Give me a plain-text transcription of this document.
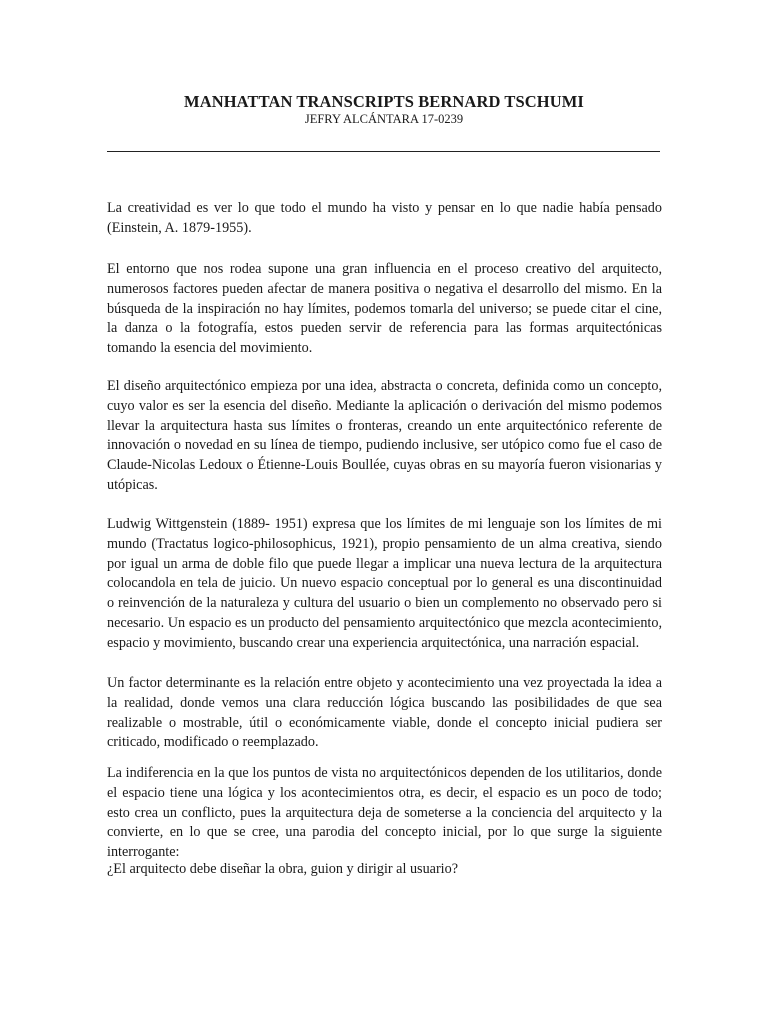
MANHATTAN TRANSCRIPTS BERNARD TSCHUMI

JEFRY ALCÁNTARA 17-0239

La creatividad es ver lo que todo el mundo ha visto y pensar en lo que nadie había pensado (Einstein, A. 1879-1955).

El entorno que nos rodea supone una gran influencia en el proceso creativo del arquitecto, numerosos factores pueden afectar de manera positiva o negativa el desarrollo del mismo. En la búsqueda de la inspiración no hay límites, podemos tomarla del universo; se puede citar el cine, la danza o la fotografía, estos pueden servir de referencia para las formas arquitectónicas tomando la esencia del movimiento.

El diseño arquitectónico empieza por una idea, abstracta o concreta, definida como un concepto, cuyo valor es ser la esencia del diseño. Mediante la aplicación o derivación del mismo podemos llevar la arquitectura hasta sus límites o fronteras, creando un ente arquitectónico referente de innovación o novedad en su línea de tiempo, pudiendo inclusive, ser utópico como fue el caso de Claude-Nicolas Ledoux o Étienne-Louis Boullée, cuyas obras en su mayoría fueron visionarias y utópicas.

Ludwig Wittgenstein (1889- 1951) expresa que los límites de mi lenguaje son los límites de mi mundo (Tractatus logico-philosophicus, 1921), propio pensamiento de un alma creativa, siendo por igual un arma de doble filo que puede llegar a implicar una nueva lectura de la arquitectura colocandola en tela de juicio. Un nuevo espacio conceptual por lo general es una discontinuidad o reinvención de la naturaleza y cultura del usuario o bien un complemento no observado pero si necesario. Un espacio es un producto del pensamiento arquitectónico que mezcla acontecimiento, espacio y movimiento, buscando crear una experiencia arquitectónica, una narración espacial.

Un factor determinante es la relación entre objeto y acontecimiento una vez proyectada la idea a la realidad, donde vemos una clara reducción lógica buscando las posibilidades de que sea realizable o mostrable, útil o económicamente viable, donde el concepto inicial pudiera ser criticado, modificado o reemplazado.

La indiferencia en la que los puntos de vista no arquitectónicos dependen de los utilitarios, donde el espacio tiene una lógica y los acontecimientos otra, es decir, el espacio es un poco de todo; esto crea un conflicto, pues la arquitectura deja de someterse a la conciencia del arquitecto y la convierte, en lo que se cree, una parodia del concepto inicial, por lo que surge la siguiente interrogante:

¿El arquitecto debe diseñar la obra, guion y dirigir al usuario?
